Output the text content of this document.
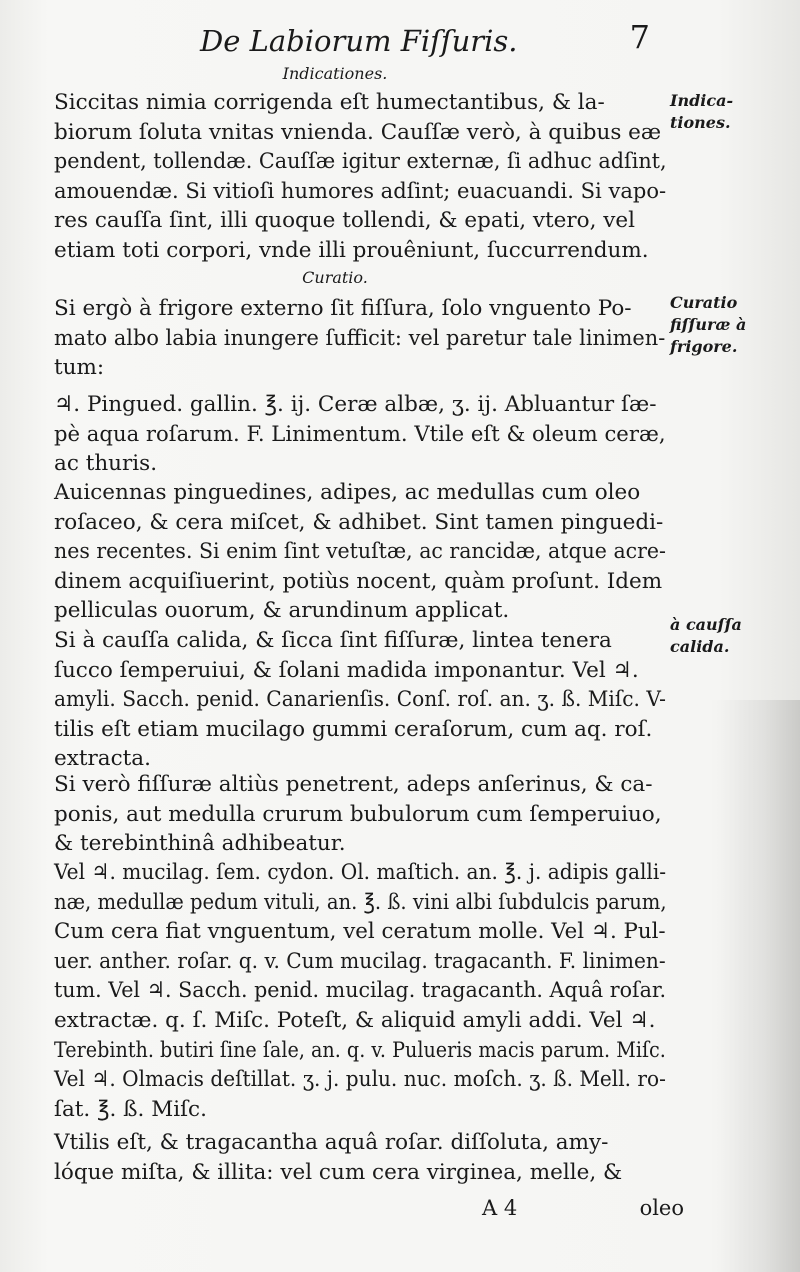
De Labiorum Fiſſuris.	7
Indicationes.
Indica-
tiones.
Siccitas nimia corrigenda eſt humectantibus, & la-
biorum ſoluta vnitas vnienda. Cauſſæ verò, à quibus eæ
pendent, tollendæ. Cauſſæ igitur externæ, ſi adhuc adſint,
amouendæ. Si vitioſi humores adſint; euacuandi. Si vapo-
res cauſſa ſint, illi quoque tollendi, & epati, vtero, vel
etiam toti corpori, vnde illi prouêniunt, ſuccurrendum.
Curatio.
Curatio
fiſſuræ à
frigore.
Si ergò à frigore externo ſit fiſſura, ſolo vnguento Po-
mato albo labia inungere ſufficit: vel paretur tale linimen-
tum:
♃. Pingued. gallin. ℥. ij. Ceræ albæ, ʒ. ij. Abluantur ſæ-
pè aqua roſarum. F. Linimentum. Vtile eſt & oleum ceræ,
ac thuris.
Auicennas pinguedines, adipes, ac medullas cum oleo
roſaceo, & cera miſcet, & adhibet. Sint tamen pinguedi-
nes recentes. Si enim ſint vetuſtæ, ac rancidæ, atque acre-
dinem acquiſiuerint, potiùs nocent, quàm proſunt. Idem
pelliculas ouorum, & arundinum applicat.
à cauſſa
calida.
Si à cauſſa calida, & ſicca ſint fiſſuræ, lintea tenera
ſucco ſemperuiui, & ſolani madida imponantur. Vel ♃.
amyli. Sacch. penid. Canarienſis. Conſ. roſ. an. ʒ. ß. Miſc. V-
tilis eſt etiam mucilago gummi ceraſorum, cum aq. roſ.
extracta.
Si verò fiſſuræ altiùs penetrent, adeps anſerinus, & ca-
ponis, aut medulla crurum bubulorum cum ſemperuiuo,
& terebinthinâ adhibeatur.
Vel ♃. mucilag. ſem. cydon. Ol. maſtich. an. ℥. j. adipis galli-
næ, medullæ pedum vituli, an. ℥. ß. vini albi ſubdulcis parum,
Cum cera fiat vnguentum, vel ceratum molle. Vel ♃. Pul-
uer. anther. roſar. q. v. Cum mucilag. tragacanth. F. linimen-
tum. Vel ♃. Sacch. penid. mucilag. tragacanth. Aquâ roſar.
extractæ. q. ſ. Miſc. Poteſt, & aliquid amyli addi. Vel ♃.
Terebinth. butiri ſine ſale, an. q. v. Pulueris macis parum. Miſc.
Vel ♃. Olmacis deſtillat. ʒ. j. pulu. nuc. moſch. ʒ. ß. Mell. ro-
ſat. ℥. ß. Miſc.
Vtilis eſt, & tragacantha aquâ roſar. diſſoluta, amy-
lóque miſta, & illita: vel cum cera virginea, melle, &
A 4	oleo
